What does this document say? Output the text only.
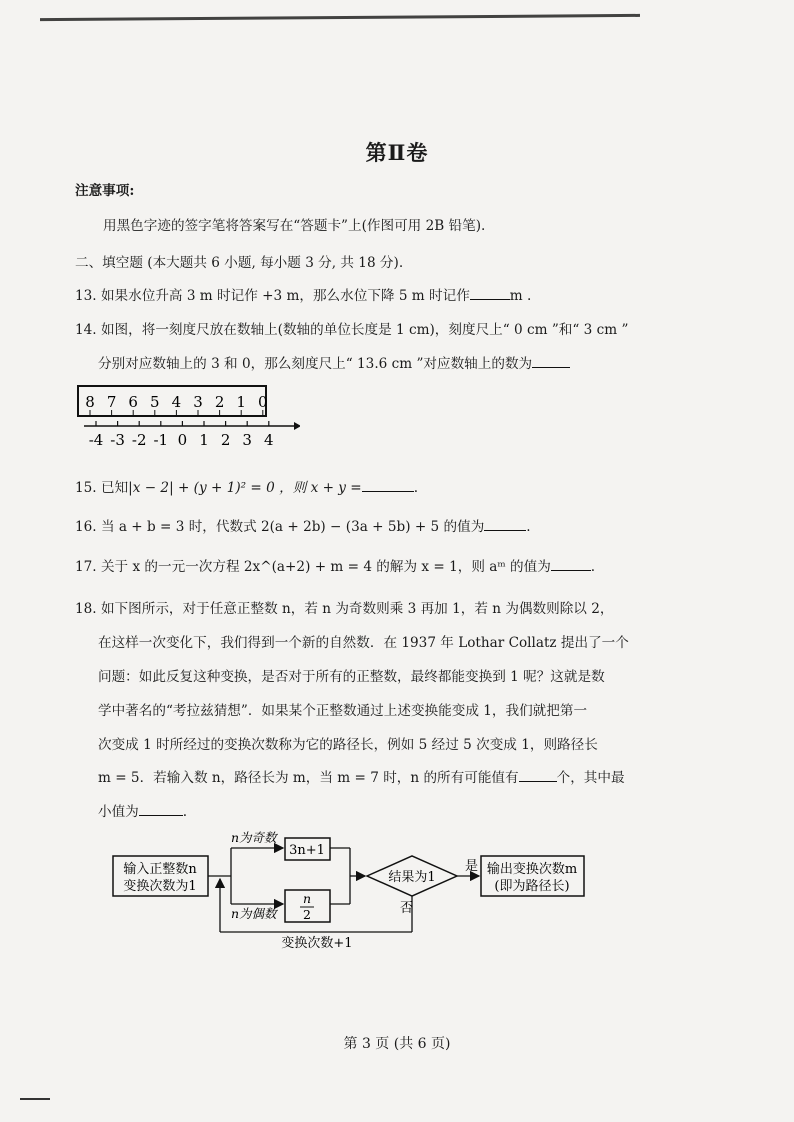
第Ⅱ卷
注意事项:
用黑色字迹的签字笔将答案写在“答题卡”上(作图可用 2B 铅笔).
二、填空题 (本大题共 6 小题, 每小题 3 分, 共 18 分).
13. 如果水位升高 3 m 时记作 +3 m，那么水位下降 5 m 时记作	m .
14. 如图，将一刻度尺放在数轴上(数轴的单位长度是 1 cm)，刻度尺上“ 0 cm ”和“ 3 cm ”
分别对应数轴上的 3 和 0，那么刻度尺上“ 13.6 cm ”对应数轴上的数为
8 7 6 5 4 3 2 1 0
-4 -3 -2 -1 0 1 2 3 4
15. 已知|x − 2| + (y + 1)² = 0 ，则 x + y =	.
16. 当 a + b = 3 时，代数式 2(a + 2b) − (3a + 5b) + 5 的值为	.
17. 关于 x 的一元一次方程 2x^(a+2) + m = 4 的解为 x = 1，则 aᵐ 的值为	.
18. 如下图所示，对于任意正整数 n，若 n 为奇数则乘 3 再加 1，若 n 为偶数则除以 2，
在这样一次变化下，我们得到一个新的自然数．在 1937 年 Lothar Collatz 提出了一个
问题：如此反复这种变换，是否对于所有的正整数，最终都能变换到 1 呢？这就是数
学中著名的“考拉兹猜想”．如果某个正整数通过上述变换能变成 1，我们就把第一
次变成 1 时所经过的变换次数称为它的路径长，例如 5 经过 5 次变成 1，则路径长
m = 5．若输入数 n，路径长为 m，当 m = 7 时，n 的所有可能值有	个，其中最
小值为	.
输入正整数n
变换次数为1
n为奇数
n为偶数
3n+1
n
2
结果为1
是 输出变换次数m
(即为路径长)
否
变换次数+1
第 3 页 (共 6 页)
